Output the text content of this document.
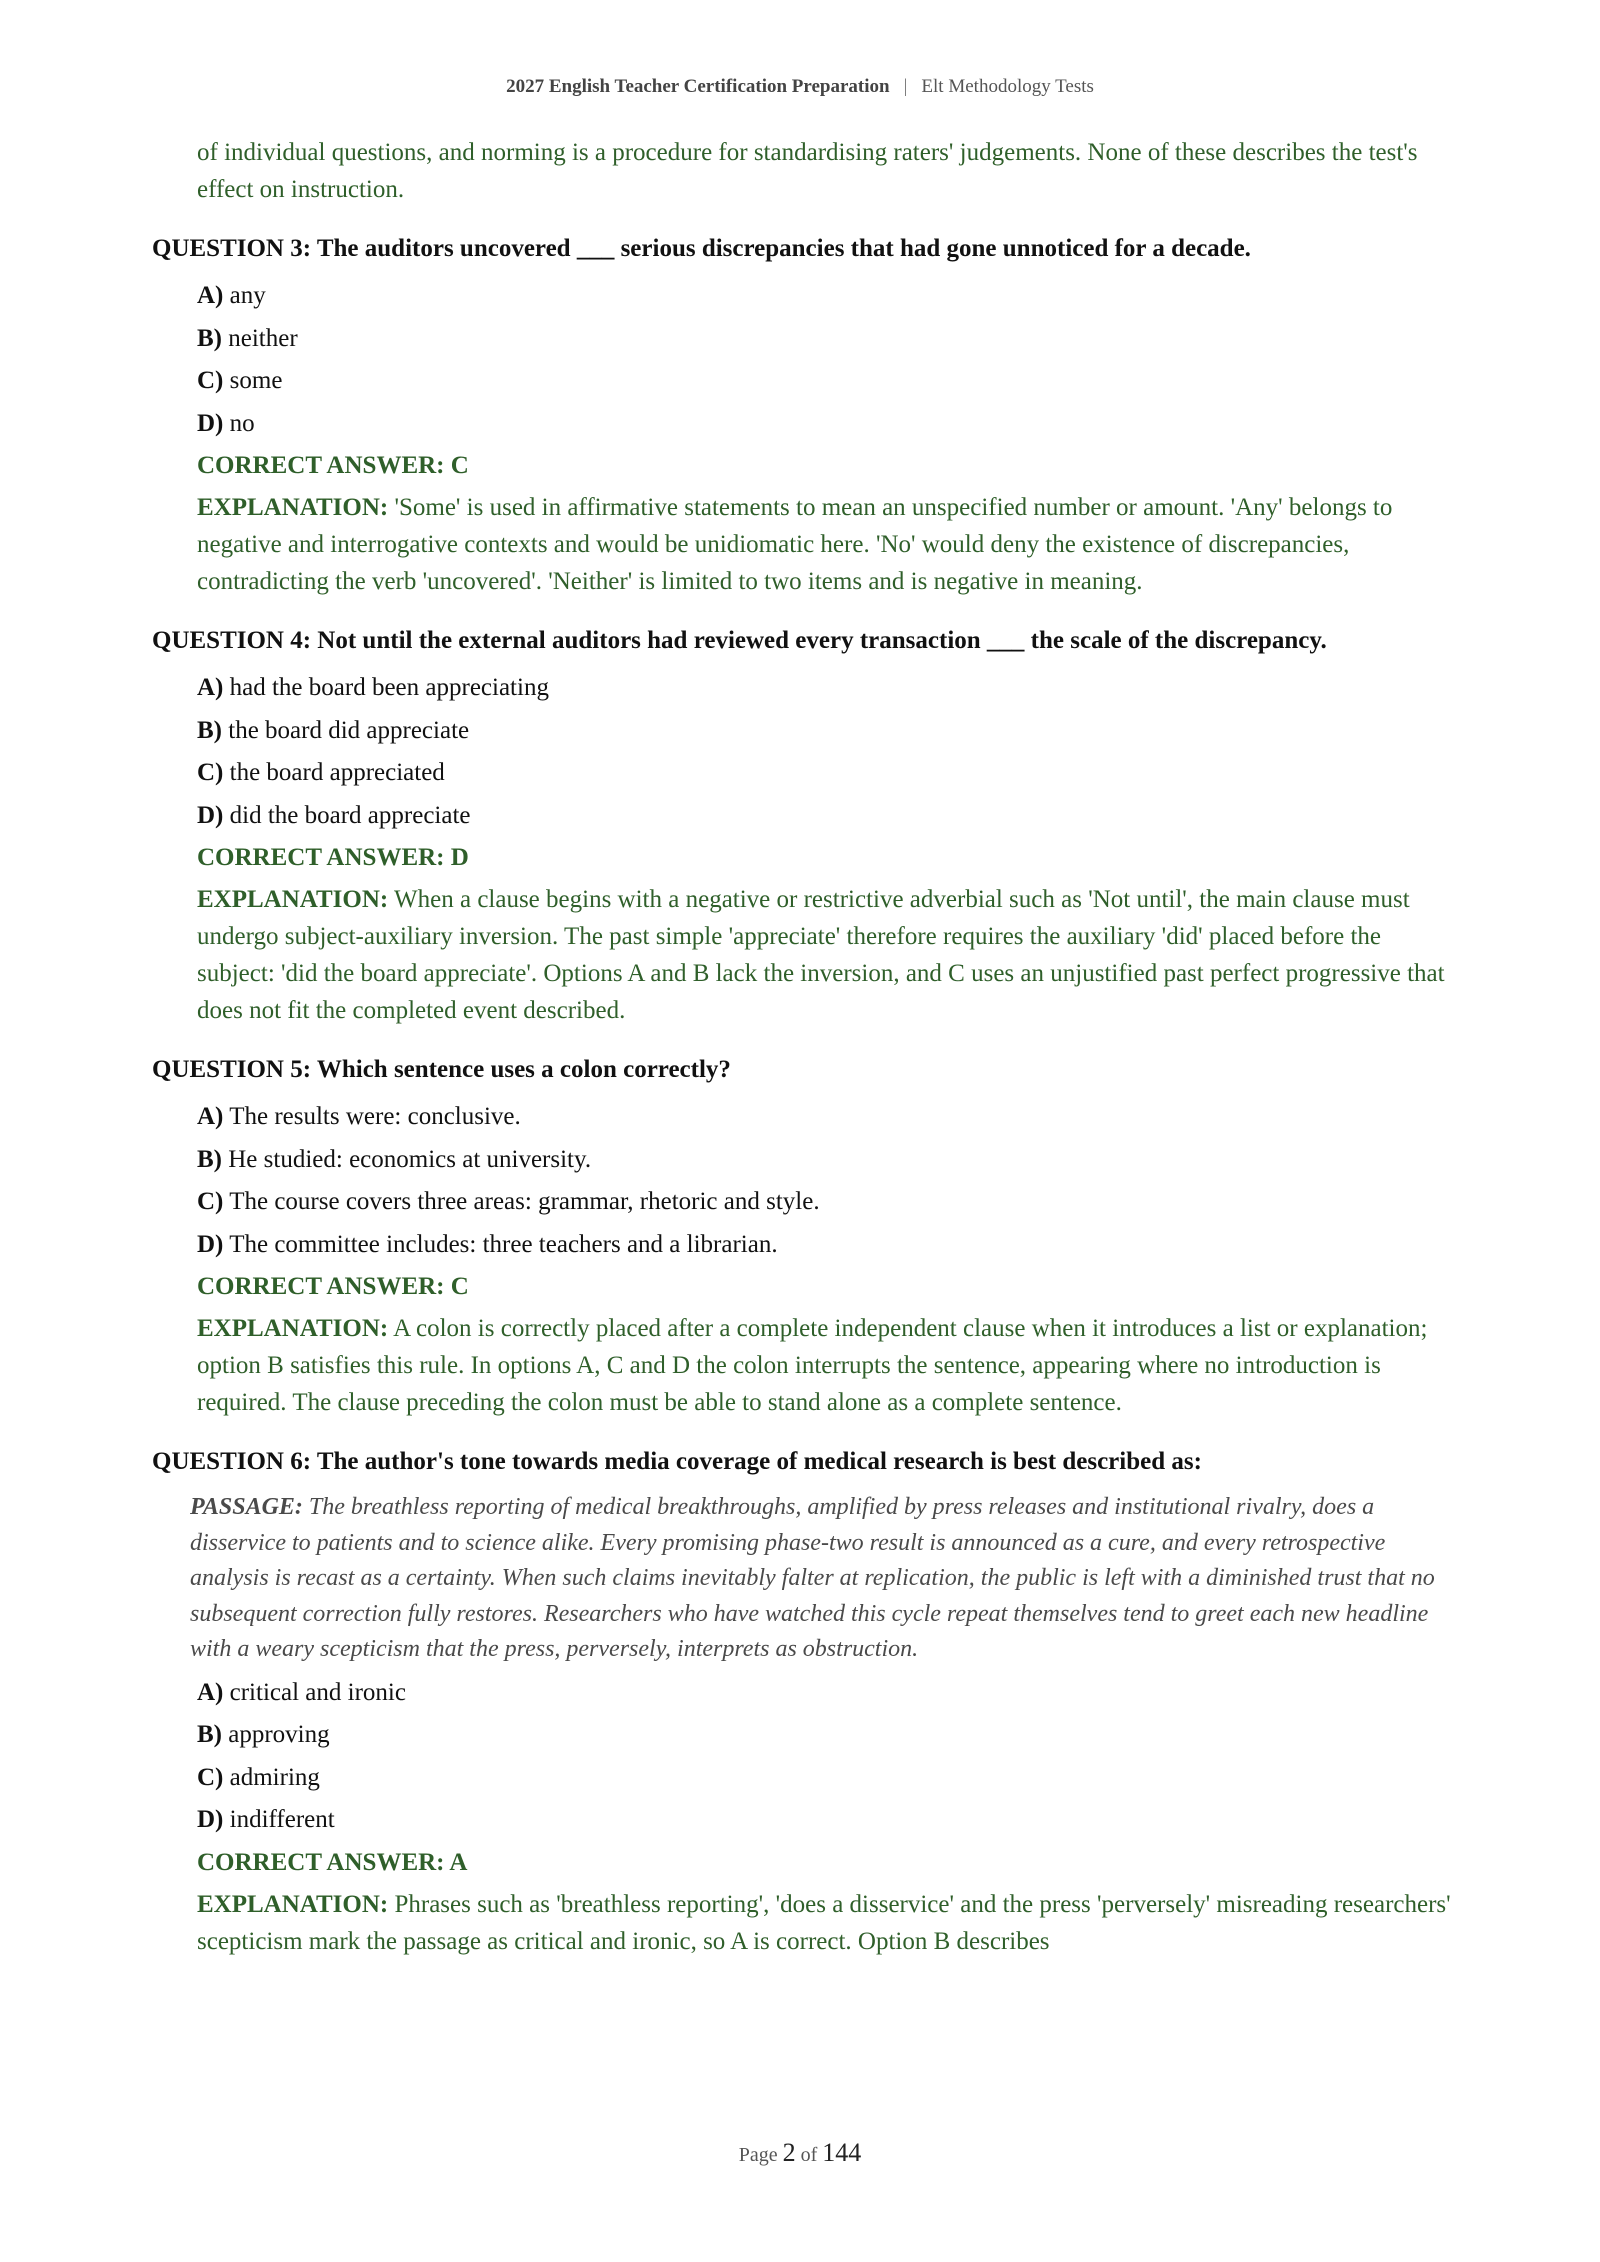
2027 English Teacher Certification Preparation | Elt Methodology Tests

of individual questions, and norming is a procedure for standardising raters' judgements. None of these describes the test's effect on instruction.

QUESTION 3: The auditors uncovered ___ serious discrepancies that had gone unnoticed for a decade.

A) any
B) neither
C) some
D) no

CORRECT ANSWER: C

EXPLANATION: 'Some' is used in affirmative statements to mean an unspecified number or amount. 'Any' belongs to negative and interrogative contexts and would be unidiomatic here. 'No' would deny the existence of discrepancies, contradicting the verb 'uncovered'. 'Neither' is limited to two items and is negative in meaning.

QUESTION 4: Not until the external auditors had reviewed every transaction ___ the scale of the discrepancy.

A) had the board been appreciating
B) the board did appreciate
C) the board appreciated
D) did the board appreciate

CORRECT ANSWER: D

EXPLANATION: When a clause begins with a negative or restrictive adverbial such as 'Not until', the main clause must undergo subject-auxiliary inversion. The past simple 'appreciate' therefore requires the auxiliary 'did' placed before the subject: 'did the board appreciate'. Options A and B lack the inversion, and C uses an unjustified past perfect progressive that does not fit the completed event described.

QUESTION 5: Which sentence uses a colon correctly?

A) The results were: conclusive.
B) He studied: economics at university.
C) The course covers three areas: grammar, rhetoric and style.
D) The committee includes: three teachers and a librarian.

CORRECT ANSWER: C

EXPLANATION: A colon is correctly placed after a complete independent clause when it introduces a list or explanation; option B satisfies this rule. In options A, C and D the colon interrupts the sentence, appearing where no introduction is required. The clause preceding the colon must be able to stand alone as a complete sentence.

QUESTION 6: The author's tone towards media coverage of medical research is best described as:

PASSAGE: The breathless reporting of medical breakthroughs, amplified by press releases and institutional rivalry, does a disservice to patients and to science alike. Every promising phase-two result is announced as a cure, and every retrospective analysis is recast as a certainty. When such claims inevitably falter at replication, the public is left with a diminished trust that no subsequent correction fully restores. Researchers who have watched this cycle repeat themselves tend to greet each new headline with a weary scepticism that the press, perversely, interprets as obstruction.

A) critical and ironic
B) approving
C) admiring
D) indifferent

CORRECT ANSWER: A

EXPLANATION: Phrases such as 'breathless reporting', 'does a disservice' and the press 'perversely' misreading researchers' scepticism mark the passage as critical and ironic, so A is correct. Option B describes

Page 2 of 144
